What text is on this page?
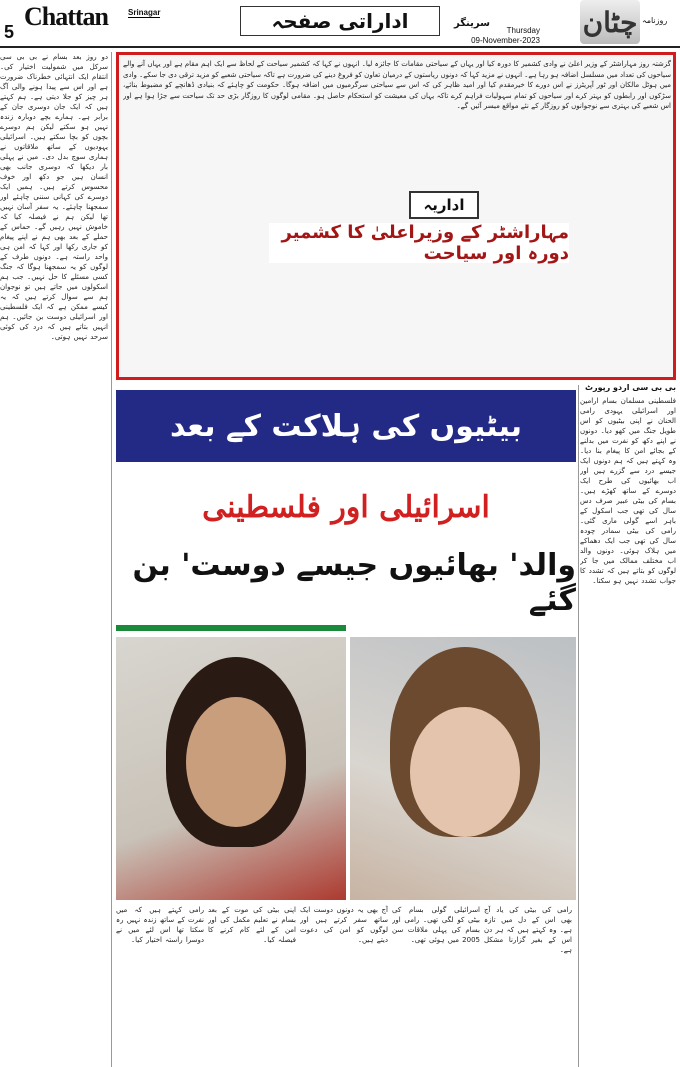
5
Chattan Srinagar	اداراتی صفحہ	سرینگر
Thursday
09-November-2023
چٹان روزنامہ

دو روز بعد بسام نے بی بی سی سرکل میں شمولیت اختیار کی۔ انتقام ایک انتہائی خطرناک ضرورت ہے اور اس سے پیدا ہونے والی آگ ہر چیز کو جلا دیتی ہے۔ ہم کہتے ہیں کہ ایک جان دوسری جان کے برابر ہے۔ ہمارے بچے دوبارہ زندہ نہیں ہو سکتے لیکن ہم دوسرے بچوں کو بچا سکتے ہیں۔ اسرائیلی یہودیوں کے ساتھ ملاقاتوں نے ہماری سوچ بدل دی۔ میں نے پہلی بار دیکھا کہ دوسری جانب بھی انسان ہیں جو دکھ اور خوف محسوس کرتے ہیں۔ ہمیں ایک دوسرے کی کہانی سننی چاہئے اور سمجھنا چاہئے۔ یہ سفر آسان نہیں تھا لیکن ہم نے فیصلہ کیا کہ خاموش نہیں رہیں گے۔ حماس کے حملے کے بعد بھی ہم نے اپنے پیغام کو جاری رکھا اور کہا کہ امن ہی واحد راستہ ہے۔ دونوں طرف کے لوگوں کو یہ سمجھنا ہوگا کہ جنگ کسی مسئلے کا حل نہیں۔ جب ہم اسکولوں میں جاتے ہیں تو نوجوان ہم سے سوال کرتے ہیں کہ یہ کیسے ممکن ہے کہ ایک فلسطینی اور اسرائیلی دوست بن جائیں۔ ہم انہیں بتاتے ہیں کہ درد کی کوئی سرحد نہیں ہوتی۔

گزشتہ روز مہاراشٹر کے وزیر اعلیٰ نے وادی کشمیر کا دورہ کیا اور یہاں کے سیاحتی مقامات کا جائزہ لیا۔ انہوں نے کہا کہ کشمیر سیاحت کے لحاظ سے ایک اہم مقام ہے اور یہاں آنے والے سیاحوں کی تعداد میں مسلسل اضافہ ہو رہا ہے۔ انہوں نے مزید کہا کہ دونوں ریاستوں کے درمیان تعاون کو فروغ دینے کی ضرورت ہے تاکہ سیاحتی شعبے کو مزید ترقی دی جا سکے۔ وادی میں ہوٹل مالکان اور ٹور آپریٹرز نے اس دورے کا خیرمقدم کیا اور امید ظاہر کی کہ اس سے سیاحتی سرگرمیوں میں اضافہ ہوگا۔ حکومت کو چاہئے کہ بنیادی ڈھانچے کو مضبوط بنائے، سڑکوں اور رابطوں کو بہتر کرے اور سیاحوں کو تمام سہولیات فراہم کرے تاکہ یہاں کی معیشت کو استحکام حاصل ہو۔ مقامی لوگوں کا روزگار بڑی حد تک سیاحت سے جڑا ہوا ہے اور اس شعبے کی بہتری سے نوجوانوں کو روزگار کے نئے مواقع میسر آئیں گے۔

اداریہ
مہاراشٹر کے وزیراعلیٰ کا کشمیر دورہ اور سیاحت
بیٹیوں کی ہلاکت کے بعد
اسرائیلی اور فلسطینی
والد' بھائیوں جیسے دوست' بن گئے
بی بی سی اردو رپورٹ

فلسطینی مسلمان بسام ارامین اور اسرائیلی یہودی رامی الحنان نے اپنی بیٹیوں کو اس طویل جنگ میں کھو دیا۔ دونوں نے اپنے دکھ کو نفرت میں بدلنے کے بجائے امن کا پیغام بنا دیا۔ وہ کہتے ہیں کہ ہم دونوں ایک جیسے درد سے گزرے ہیں اور اب بھائیوں کی طرح ایک دوسرے کے ساتھ کھڑے ہیں۔ بسام کی بیٹی عبیر صرف دس سال کی تھی جب اسکول کے باہر اسے گولی ماری گئی۔ رامی کی بیٹی سمادر چودہ سال کی تھی جب ایک دھماکے میں ہلاک ہوئی۔ دونوں والد اب مختلف ممالک میں جا کر لوگوں کو بتاتے ہیں کہ تشدد کا جواب تشدد نہیں ہو سکتا۔

رامی کہتے ہیں کہ میں نفرت کے ساتھ زندہ نہیں رہ سکتا تھا اس لئے میں نے دوسرا راستہ اختیار کیا۔

اپنی بیٹی کی موت کے بعد بسام نے تعلیم مکمل کی اور امن کے لئے کام کرنے کا فیصلہ کیا۔

آج بھی یہ دونوں دوست ایک ساتھ سفر کرتے ہیں اور لوگوں کو امن کی دعوت دیتے ہیں۔

اسرائیلی گولی بسام کی بیٹی کو لگی تھی۔ رامی اور بسام کی پہلی ملاقات سن 2005 میں ہوئی تھی۔

رامی کی بیٹی کی یاد آج بھی اس کے دل میں تازہ ہے۔ وہ کہتے ہیں کہ ہر دن اس کے بغیر گزارنا مشکل ہے۔
